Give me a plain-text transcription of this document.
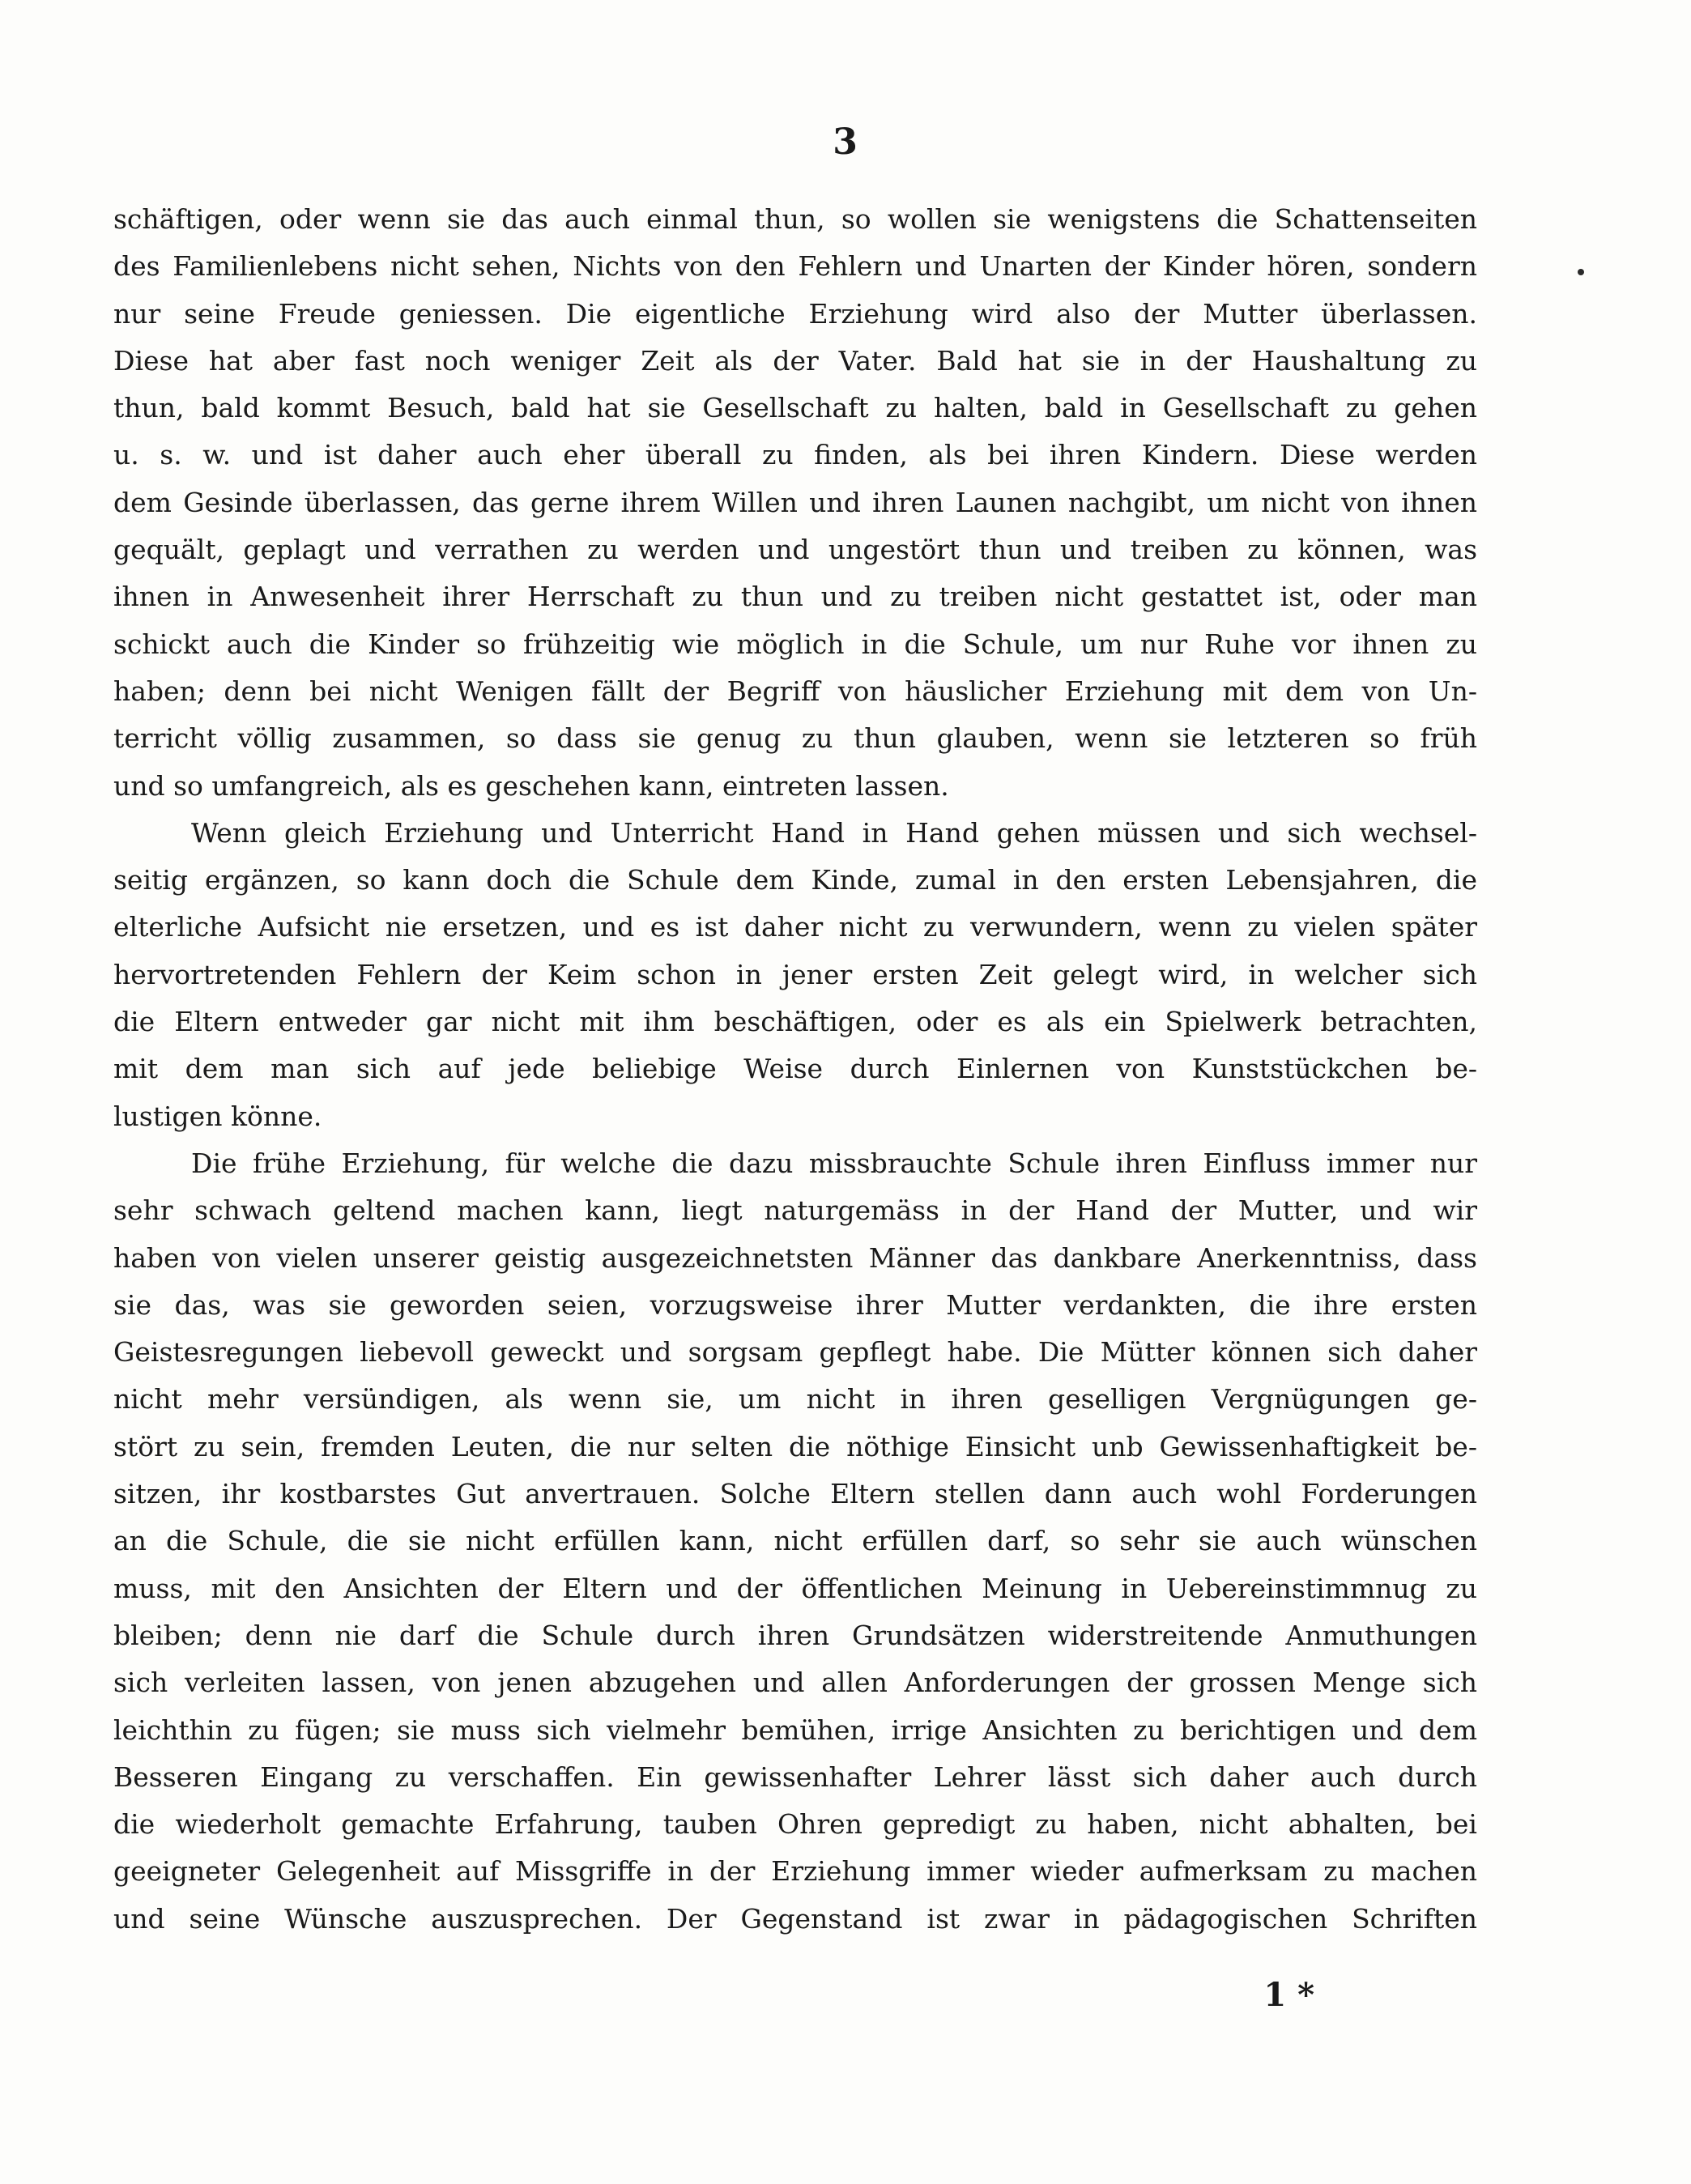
3
schäftigen, oder wenn sie das auch einmal thun, so wollen sie wenigstens die Schattenseiten
des Familienlebens nicht sehen, Nichts von den Fehlern und Unarten der Kinder hören, sondern
nur seine Freude geniessen. Die eigentliche Erziehung wird also der Mutter überlassen.
Diese hat aber fast noch weniger Zeit als der Vater. Bald hat sie in der Haushaltung zu
thun, bald kommt Besuch, bald hat sie Gesellschaft zu halten, bald in Gesellschaft zu gehen
u. s. w. und ist daher auch eher überall zu finden, als bei ihren Kindern. Diese werden
dem Gesinde überlassen, das gerne ihrem Willen und ihren Launen nachgibt, um nicht von ihnen
gequält, geplagt und verrathen zu werden und ungestört thun und treiben zu können, was
ihnen in Anwesenheit ihrer Herrschaft zu thun und zu treiben nicht gestattet ist, oder man
schickt auch die Kinder so frühzeitig wie möglich in die Schule, um nur Ruhe vor ihnen zu
haben; denn bei nicht Wenigen fällt der Begriff von häuslicher Erziehung mit dem von Un-
terricht völlig zusammen, so dass sie genug zu thun glauben, wenn sie letzteren so früh
und so umfangreich, als es geschehen kann, eintreten lassen.
Wenn gleich Erziehung und Unterricht Hand in Hand gehen müssen und sich wechsel-
seitig ergänzen, so kann doch die Schule dem Kinde, zumal in den ersten Lebensjahren, die
elterliche Aufsicht nie ersetzen, und es ist daher nicht zu verwundern, wenn zu vielen später
hervortretenden Fehlern der Keim schon in jener ersten Zeit gelegt wird, in welcher sich
die Eltern entweder gar nicht mit ihm beschäftigen, oder es als ein Spielwerk betrachten,
mit dem man sich auf jede beliebige Weise durch Einlernen von Kunststückchen be-
lustigen könne.
Die frühe Erziehung, für welche die dazu missbrauchte Schule ihren Einfluss immer nur
sehr schwach geltend machen kann, liegt naturgemäss in der Hand der Mutter, und wir
haben von vielen unserer geistig ausgezeichnetsten Männer das dankbare Anerkenntniss, dass
sie das, was sie geworden seien, vorzugsweise ihrer Mutter verdankten, die ihre ersten
Geistesregungen liebevoll geweckt und sorgsam gepflegt habe. Die Mütter können sich daher
nicht mehr versündigen, als wenn sie, um nicht in ihren geselligen Vergnügungen ge-
stört zu sein, fremden Leuten, die nur selten die nöthige Einsicht unb Gewissenhaftigkeit be-
sitzen, ihr kostbarstes Gut anvertrauen. Solche Eltern stellen dann auch wohl Forderungen
an die Schule, die sie nicht erfüllen kann, nicht erfüllen darf, so sehr sie auch wünschen
muss, mit den Ansichten der Eltern und der öffentlichen Meinung in Uebereinstimmnug zu
bleiben; denn nie darf die Schule durch ihren Grundsätzen widerstreitende Anmuthungen
sich verleiten lassen, von jenen abzugehen und allen Anforderungen der grossen Menge sich
leichthin zu fügen; sie muss sich vielmehr bemühen, irrige Ansichten zu berichtigen und dem
Besseren Eingang zu verschaffen. Ein gewissenhafter Lehrer lässt sich daher auch durch
die wiederholt gemachte Erfahrung, tauben Ohren gepredigt zu haben, nicht abhalten, bei
geeigneter Gelegenheit auf Missgriffe in der Erziehung immer wieder aufmerksam zu machen
und seine Wünsche auszusprechen. Der Gegenstand ist zwar in pädagogischen Schriften
1 *
